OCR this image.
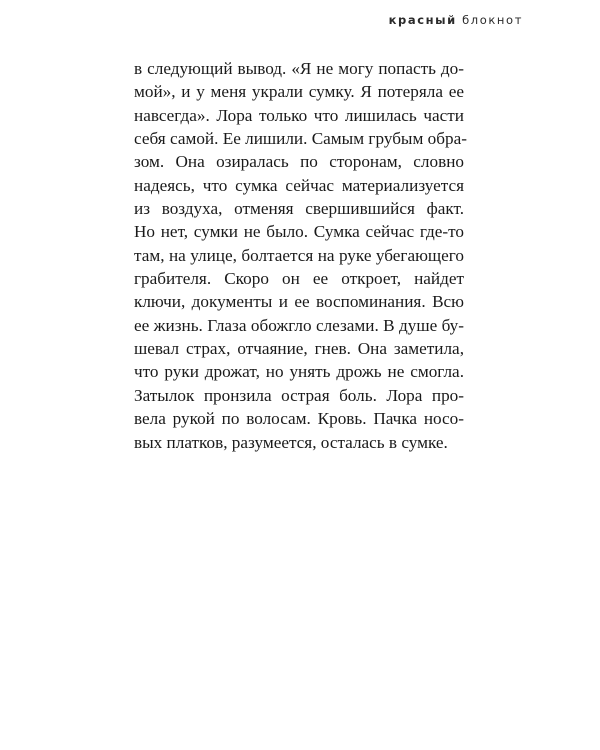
красный блокнот
в следующий вывод. «Я не могу попасть до-
мой», и у меня украли сумку. Я потеряла ее
навсегда». Лора только что лишилась части
себя самой. Ее лишили. Самым грубым обра-
зом. Она озиралась по сторонам, словно
надеясь, что сумка сейчас материализуется
из воздуха, отменяя свершившийся факт.
Но нет, сумки не было. Сумка сейчас где-то
там, на улице, болтается на руке убегающего
грабителя. Скоро он ее откроет, найдет
ключи, документы и ее воспоминания. Всю
ее жизнь. Глаза обожгло слезами. В душе бу-
шевал страх, отчаяние, гнев. Она заметила,
что руки дрожат, но унять дрожь не смогла.
Затылок пронзила острая боль. Лора про-
вела рукой по волосам. Кровь. Пачка носо-
вых платков, разумеется, осталась в сумке.
